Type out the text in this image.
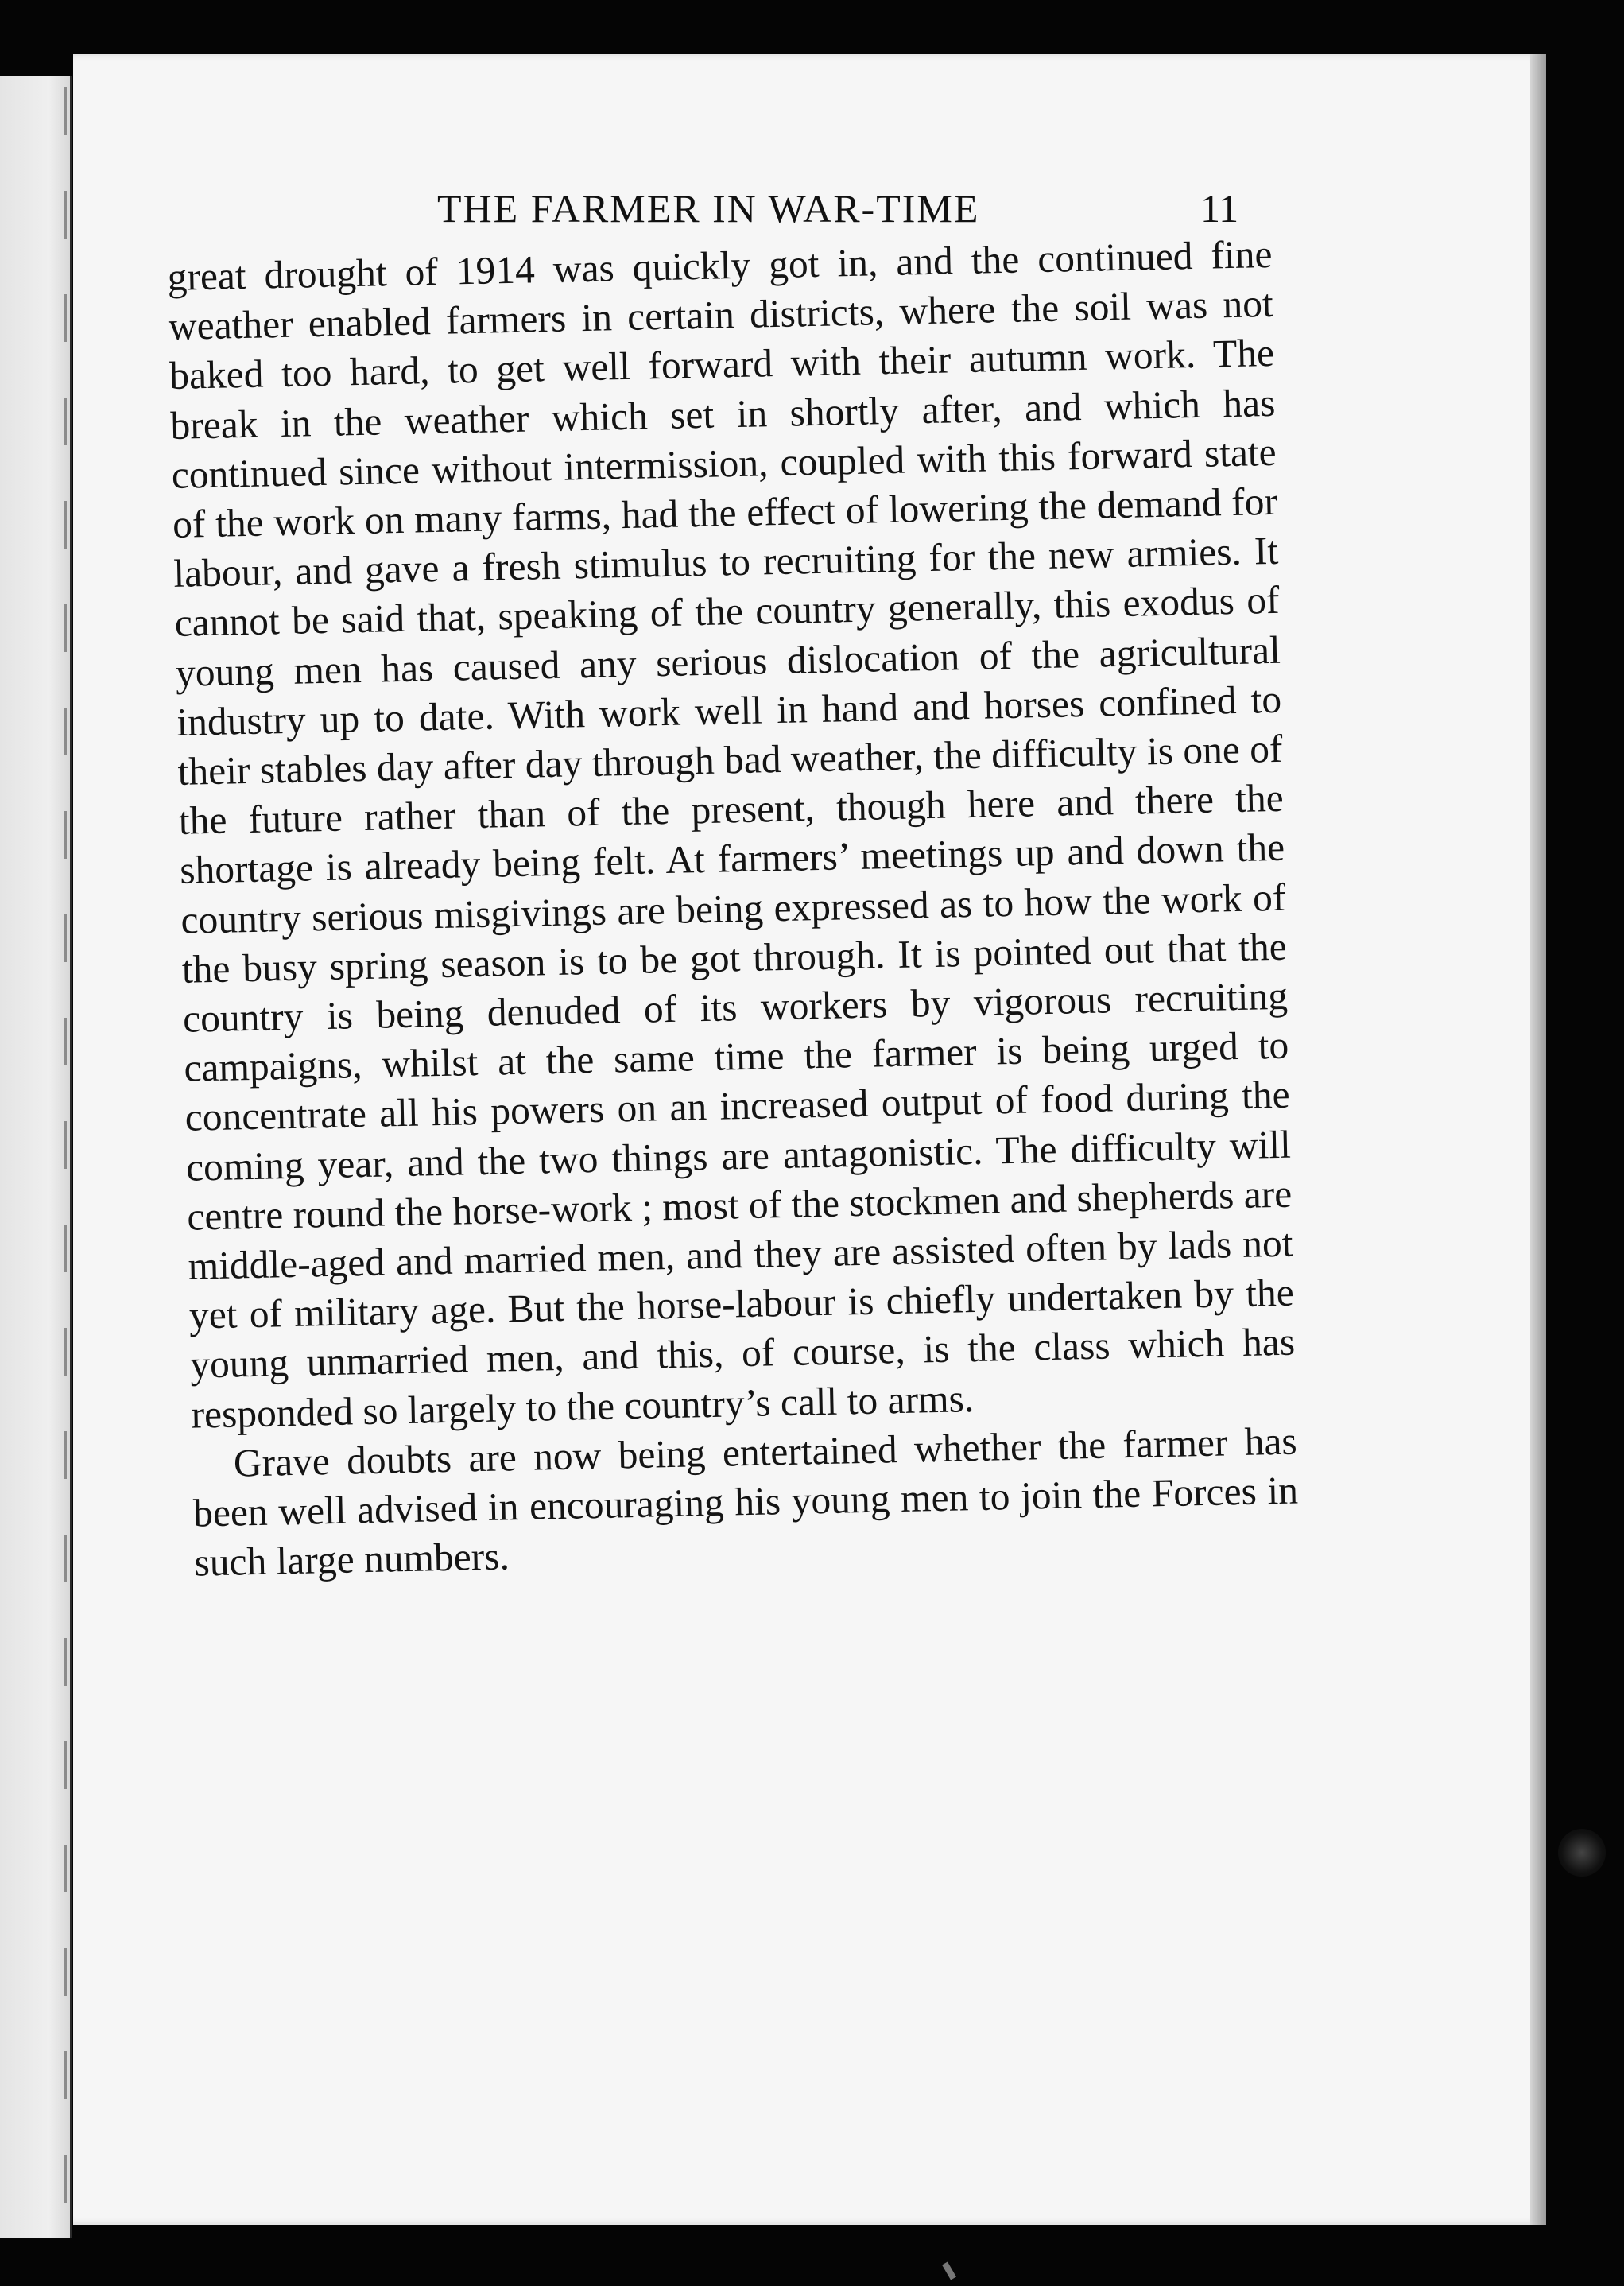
THE FARMER IN WAR-TIME	11

great drought of 1914 was quickly got in, and the continued fine weather enabled farmers in certain districts, where the soil was not baked too hard, to get well forward with their autumn work. The break in the weather which set in shortly after, and which has continued since without intermission, coupled with this forward state of the work on many farms, had the effect of lowering the demand for labour, and gave a fresh stimulus to recruiting for the new armies. It cannot be said that, speaking of the country generally, this exodus of young men has caused any serious dislocation of the agricultural industry up to date. With work well in hand and horses confined to their stables day after day through bad weather, the difficulty is one of the future rather than of the present, though here and there the shortage is already being felt. At farmers’ meetings up and down the country serious misgivings are being expressed as to how the work of the busy spring season is to be got through. It is pointed out that the country is being denuded of its workers by vigorous recruiting campaigns, whilst at the same time the farmer is being urged to concentrate all his powers on an increased output of food during the coming year, and the two things are antagonistic. The difficulty will centre round the horse-work ; most of the stockmen and shepherds are middle-aged and married men, and they are assisted often by lads not yet of military age. But the horse-labour is chiefly undertaken by the young unmarried men, and this, of course, is the class which has responded so largely to the country’s call to arms.

Grave doubts are now being entertained whether the farmer has been well advised in encouraging his young men to join the Forces in such large numbers.
